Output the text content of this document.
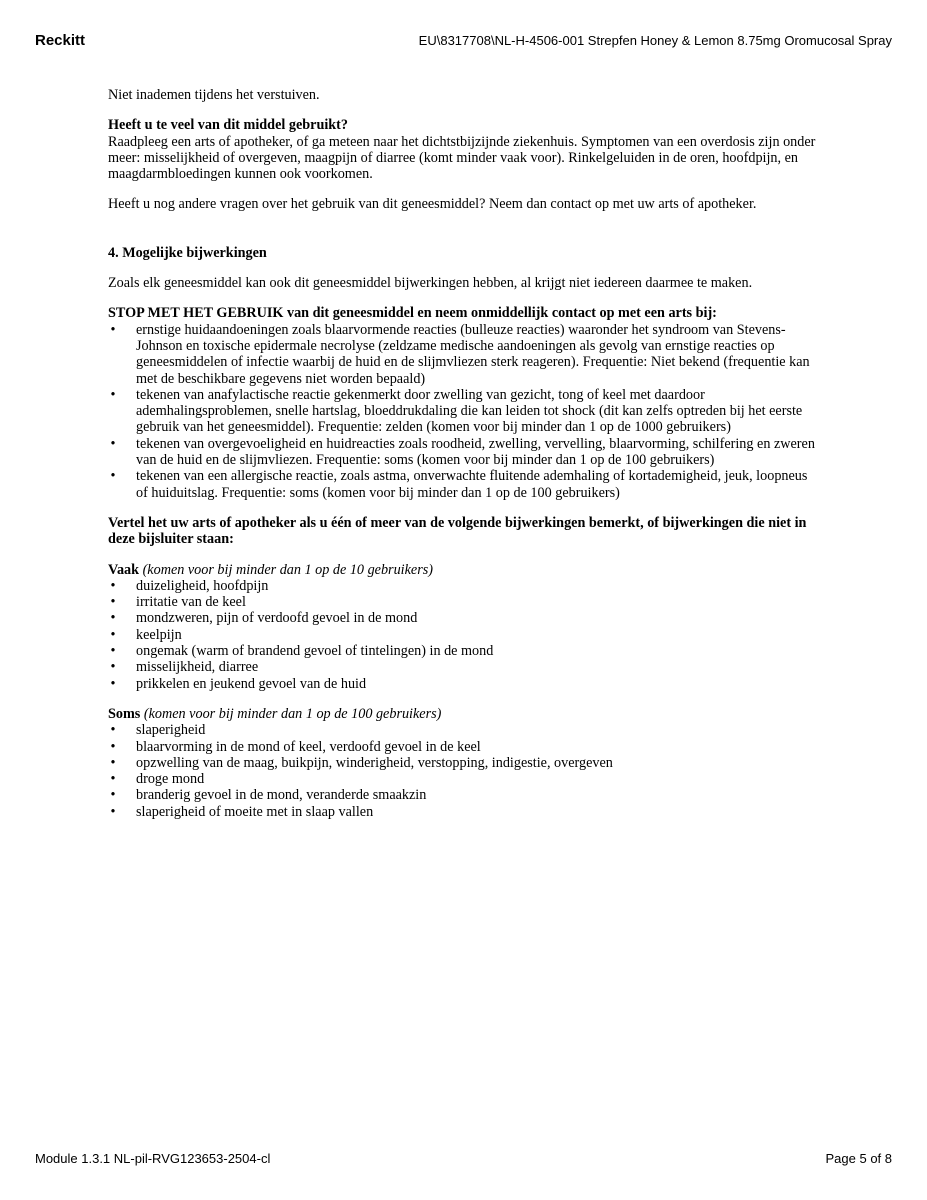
Reckitt	EU\8317708\NL-H-4506-001 Strepfen Honey & Lemon 8.75mg Oromucosal Spray

Niet inademen tijdens het verstuiven.

Heeft u te veel van dit middel gebruikt?

Raadpleeg een arts of apotheker, of ga meteen naar het dichtstbijzijnde ziekenhuis. Symptomen van een overdosis zijn onder meer: misselijkheid of overgeven, maagpijn of diarree (komt minder vaak voor). Rinkelgeluiden in de oren, hoofdpijn, en maagdarmbloedingen kunnen ook voorkomen.

Heeft u nog andere vragen over het gebruik van dit geneesmiddel? Neem dan contact op met uw arts of apotheker.

4. Mogelijke bijwerkingen

Zoals elk geneesmiddel kan ook dit geneesmiddel bijwerkingen hebben, al krijgt niet iedereen daarmee te maken.

STOP MET HET GEBRUIK van dit geneesmiddel en neem onmiddellijk contact op met een arts bij:
• ernstige huidaandoeningen zoals blaarvormende reacties (bulleuze reacties) waaronder het syndroom van Stevens-Johnson en toxische epidermale necrolyse (zeldzame medische aandoeningen als gevolg van ernstige reacties op geneesmiddelen of infectie waarbij de huid en de slijmvliezen sterk reageren). Frequentie: Niet bekend (frequentie kan met de beschikbare gegevens niet worden bepaald)
• tekenen van anafylactische reactie gekenmerkt door zwelling van gezicht, tong of keel met daardoor ademhalingsproblemen, snelle hartslag, bloeddrukdaling die kan leiden tot shock (dit kan zelfs optreden bij het eerste gebruik van het geneesmiddel). Frequentie: zelden (komen voor bij minder dan 1 op de 1000 gebruikers)
• tekenen van overgevoeligheid en huidreacties zoals roodheid, zwelling, vervelling, blaarvorming, schilfering en zweren van de huid en de slijmvliezen. Frequentie: soms (komen voor bij minder dan 1 op de 100 gebruikers)
• tekenen van een allergische reactie, zoals astma, onverwachte fluitende ademhaling of kortademigheid, jeuk, loopneus of huiduitslag. Frequentie: soms (komen voor bij minder dan 1 op de 100 gebruikers)
Vertel het uw arts of apotheker als u één of meer van de volgende bijwerkingen bemerkt, of bijwerkingen die niet in deze bijsluiter staan:

Vaak (komen voor bij minder dan 1 op de 10 gebruikers)

• duizeligheid, hoofdpijn
• irritatie van de keel
• mondzweren, pijn of verdoofd gevoel in de mond
• keelpijn
• ongemak (warm of brandend gevoel of tintelingen) in de mond
• misselijkheid, diarree
• prikkelen en jeukend gevoel van de huid

Soms (komen voor bij minder dan 1 op de 100 gebruikers)

• slaperigheid
• blaarvorming in de mond of keel, verdoofd gevoel in de keel
• opzwelling van de maag, buikpijn, winderigheid, verstopping, indigestie, overgeven
• droge mond
• branderig gevoel in de mond, veranderde smaakzin
• slaperigheid of moeite met in slaap vallen
Module 1.3.1 NL-pil-RVG123653-2504-cl	Page 5 of 8
